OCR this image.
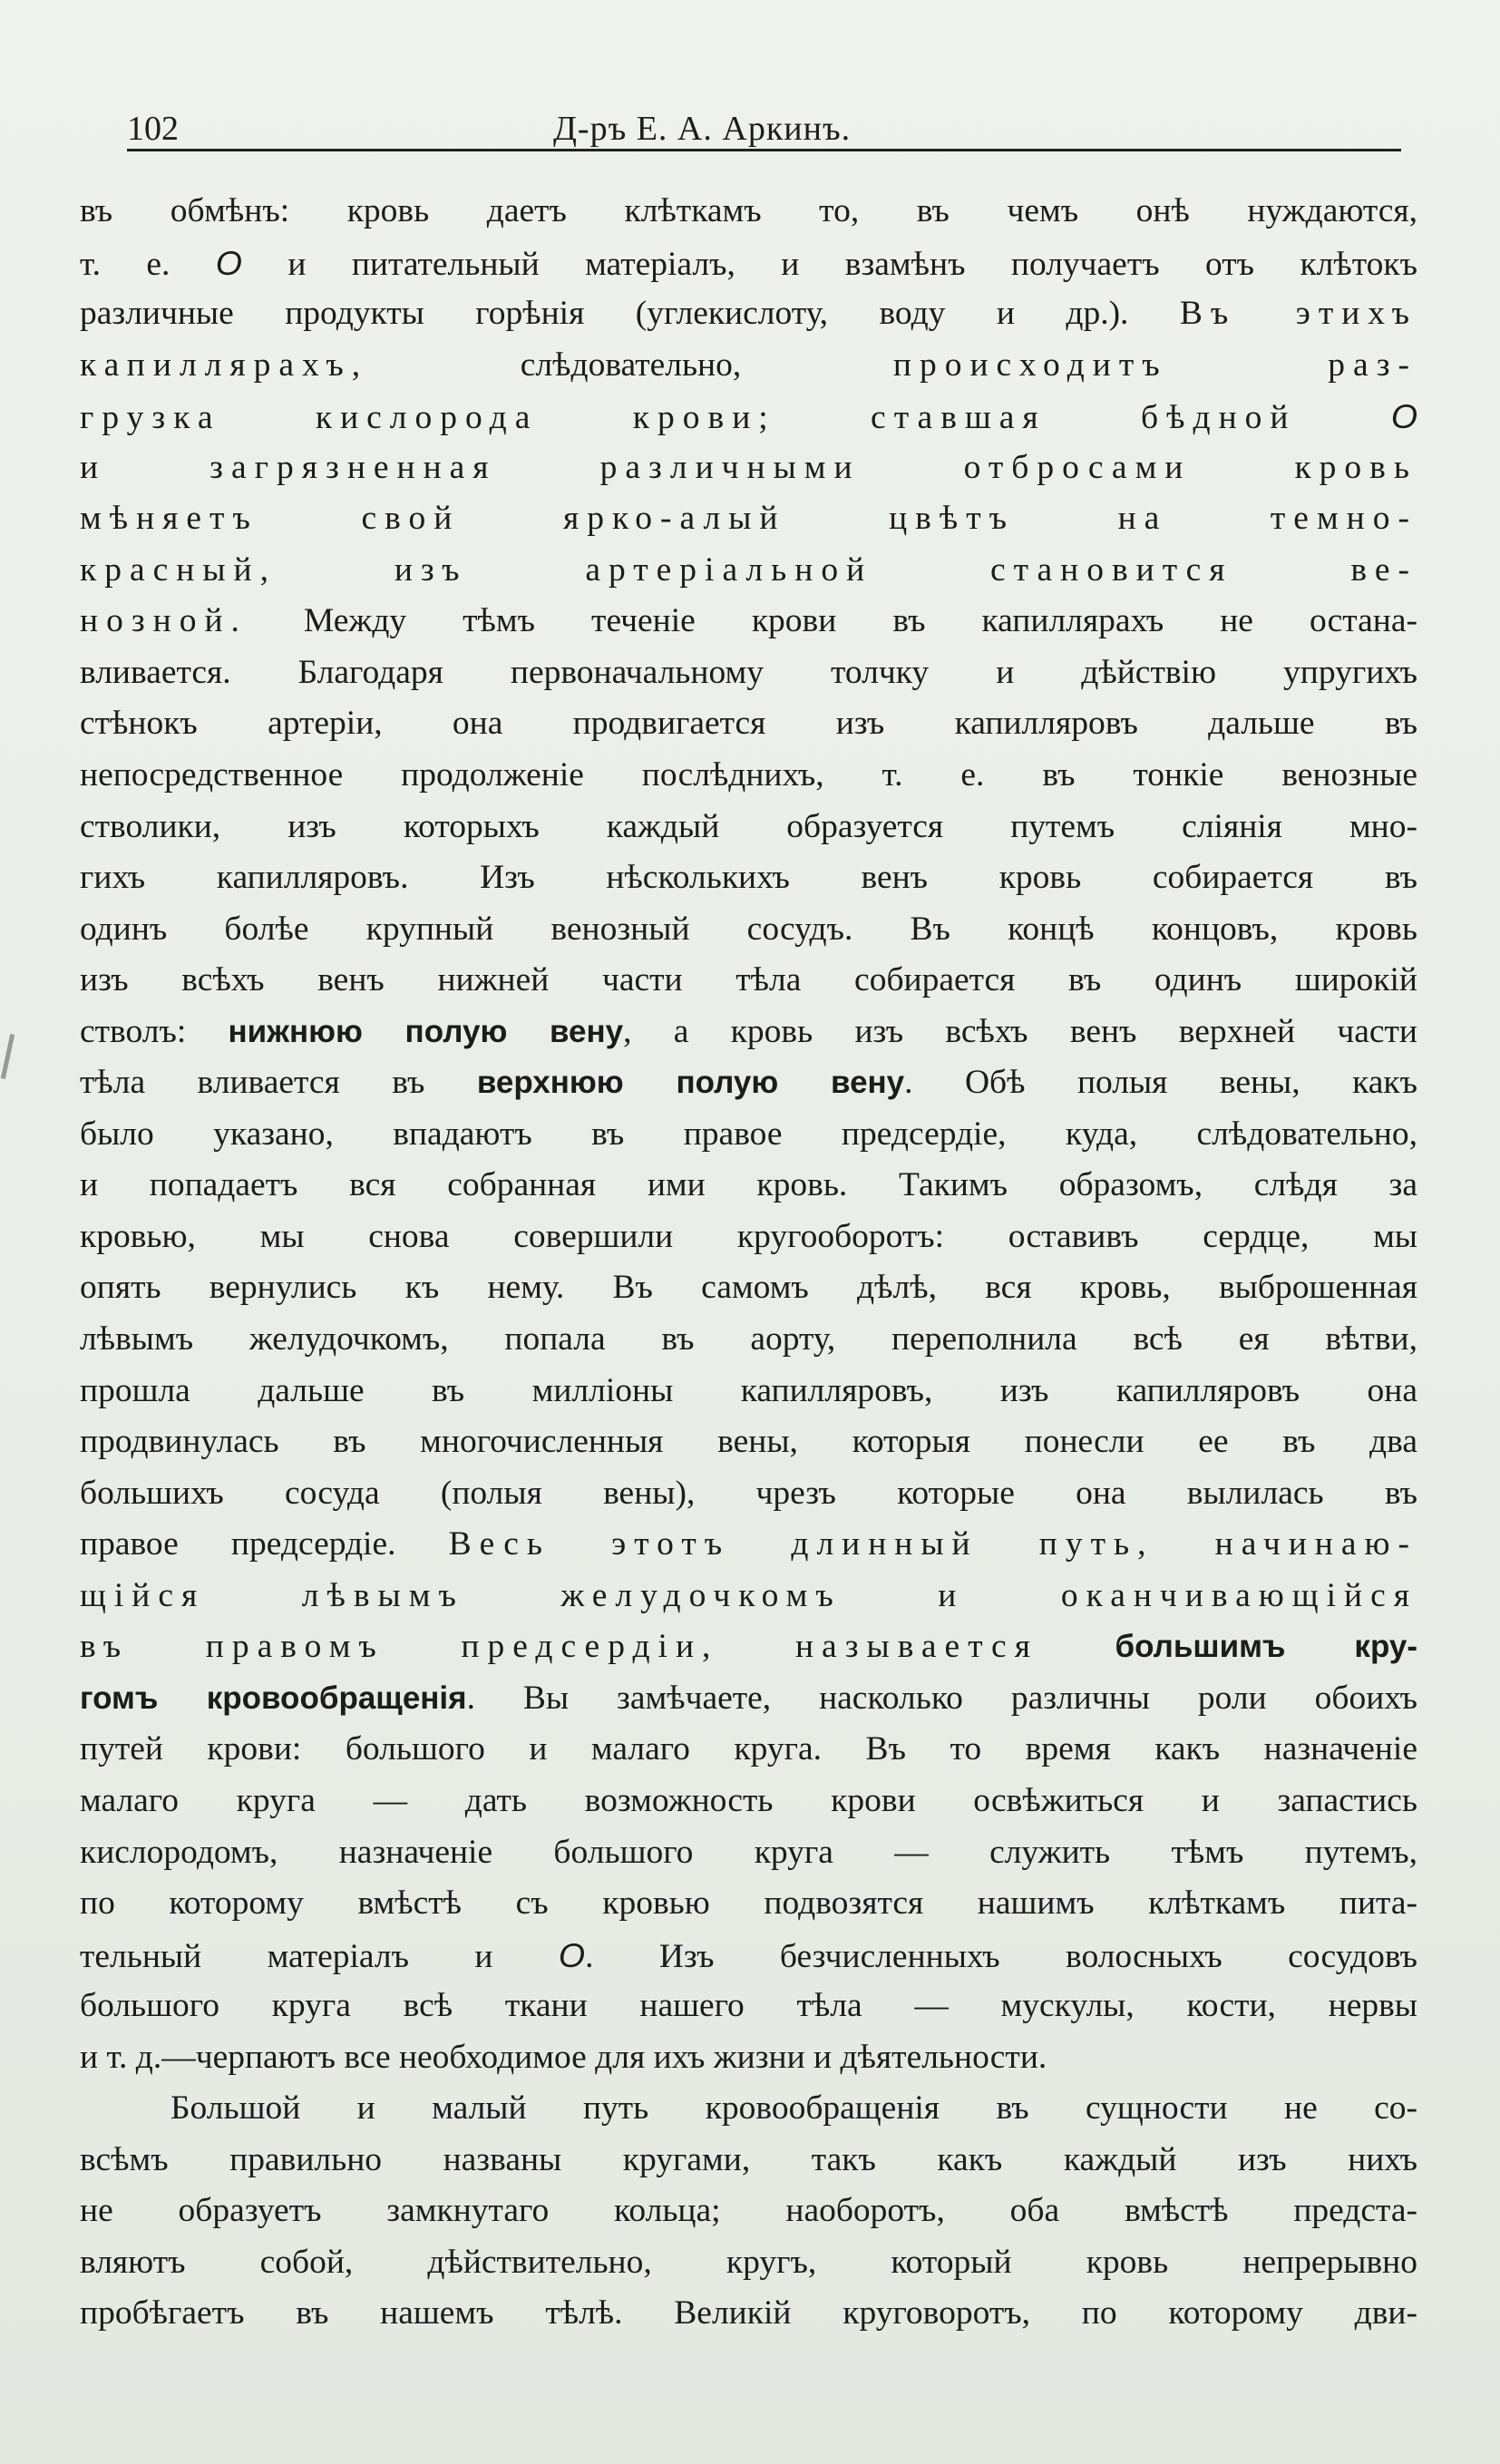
102	Д-ръ Е. А. Аркинъ.
въ обмѣнъ: кровь даетъ клѣткамъ то, въ чемъ онѣ нуждаются,
т. е. O и питательный матеріалъ, и взамѣнъ получаетъ отъ клѣтокъ
различные продукты горѣнія (углекислоту, воду и др.). Въ этихъ
капиллярахъ, слѣдовательно, происходитъ раз-
грузка кислорода крови; ставшая бѣдной O
и загрязненная различными отбросами кровь
мѣняетъ свой ярко-алый цвѣтъ на темно-
красный, изъ артеріальной становится ве-
нозной. Между тѣмъ теченіе крови въ капиллярахъ не остана-
вливается. Благодаря первоначальному толчку и дѣйствію упругихъ
стѣнокъ артеріи, она продвигается изъ капилляровъ дальше въ
непосредственное продолженіе послѣднихъ, т. е. въ тонкіе венозные
стволики, изъ которыхъ каждый образуется путемъ сліянія мно-
гихъ капилляровъ. Изъ нѣсколькихъ венъ кровь собирается въ
одинъ болѣе крупный венозный сосудъ. Въ концѣ концовъ, кровь
изъ всѣхъ венъ нижней части тѣла собирается въ одинъ широкій
стволъ: нижнюю полую вену, а кровь изъ всѣхъ венъ верхней части
тѣла вливается въ верхнюю полую вену. Обѣ полыя вены, какъ
было указано, впадаютъ въ правое предсердіе, куда, слѣдовательно,
и попадаетъ вся собранная ими кровь. Такимъ образомъ, слѣдя за
кровью, мы снова совершили кругооборотъ: оставивъ сердце, мы
опять вернулись къ нему. Въ самомъ дѣлѣ, вся кровь, выброшенная
лѣвымъ желудочкомъ, попала въ аорту, переполнила всѣ ея вѣтви,
прошла дальше въ милліоны капилляровъ, изъ капилляровъ она
продвинулась въ многочисленныя вены, которыя понесли ее въ два
большихъ сосуда (полыя вены), чрезъ которые она вылилась въ
правое предсердіе. Весь этотъ длинный путь, начинаю-
щійся лѣвымъ желудочкомъ и оканчивающійся
въ правомъ предсердіи, называется большимъ кру-
гомъ кровообращенія. Вы замѣчаете, насколько различны роли обоихъ
путей крови: большого и малаго круга. Въ то время какъ назначеніе
малаго круга — дать возможность крови освѣжиться и запастись
кислородомъ, назначеніе большого круга — служить тѣмъ путемъ,
по которому вмѣстѣ съ кровью подвозятся нашимъ клѣткамъ пита-
тельный матеріалъ и O. Изъ безчисленныхъ волосныхъ сосудовъ
большого круга всѣ ткани нашего тѣла — мускулы, кости, нервы
и т. д.—черпаютъ все необходимое для ихъ жизни и дѣятельности.
Большой и малый путь кровообращенія въ сущности не со-
всѣмъ правильно названы кругами, такъ какъ каждый изъ нихъ
не образуетъ замкнутаго кольца; наоборотъ, оба вмѣстѣ предста-
вляютъ собой, дѣйствительно, кругъ, который кровь непрерывно
пробѣгаетъ въ нашемъ тѣлѣ. Великій круговоротъ, по которому дви-
